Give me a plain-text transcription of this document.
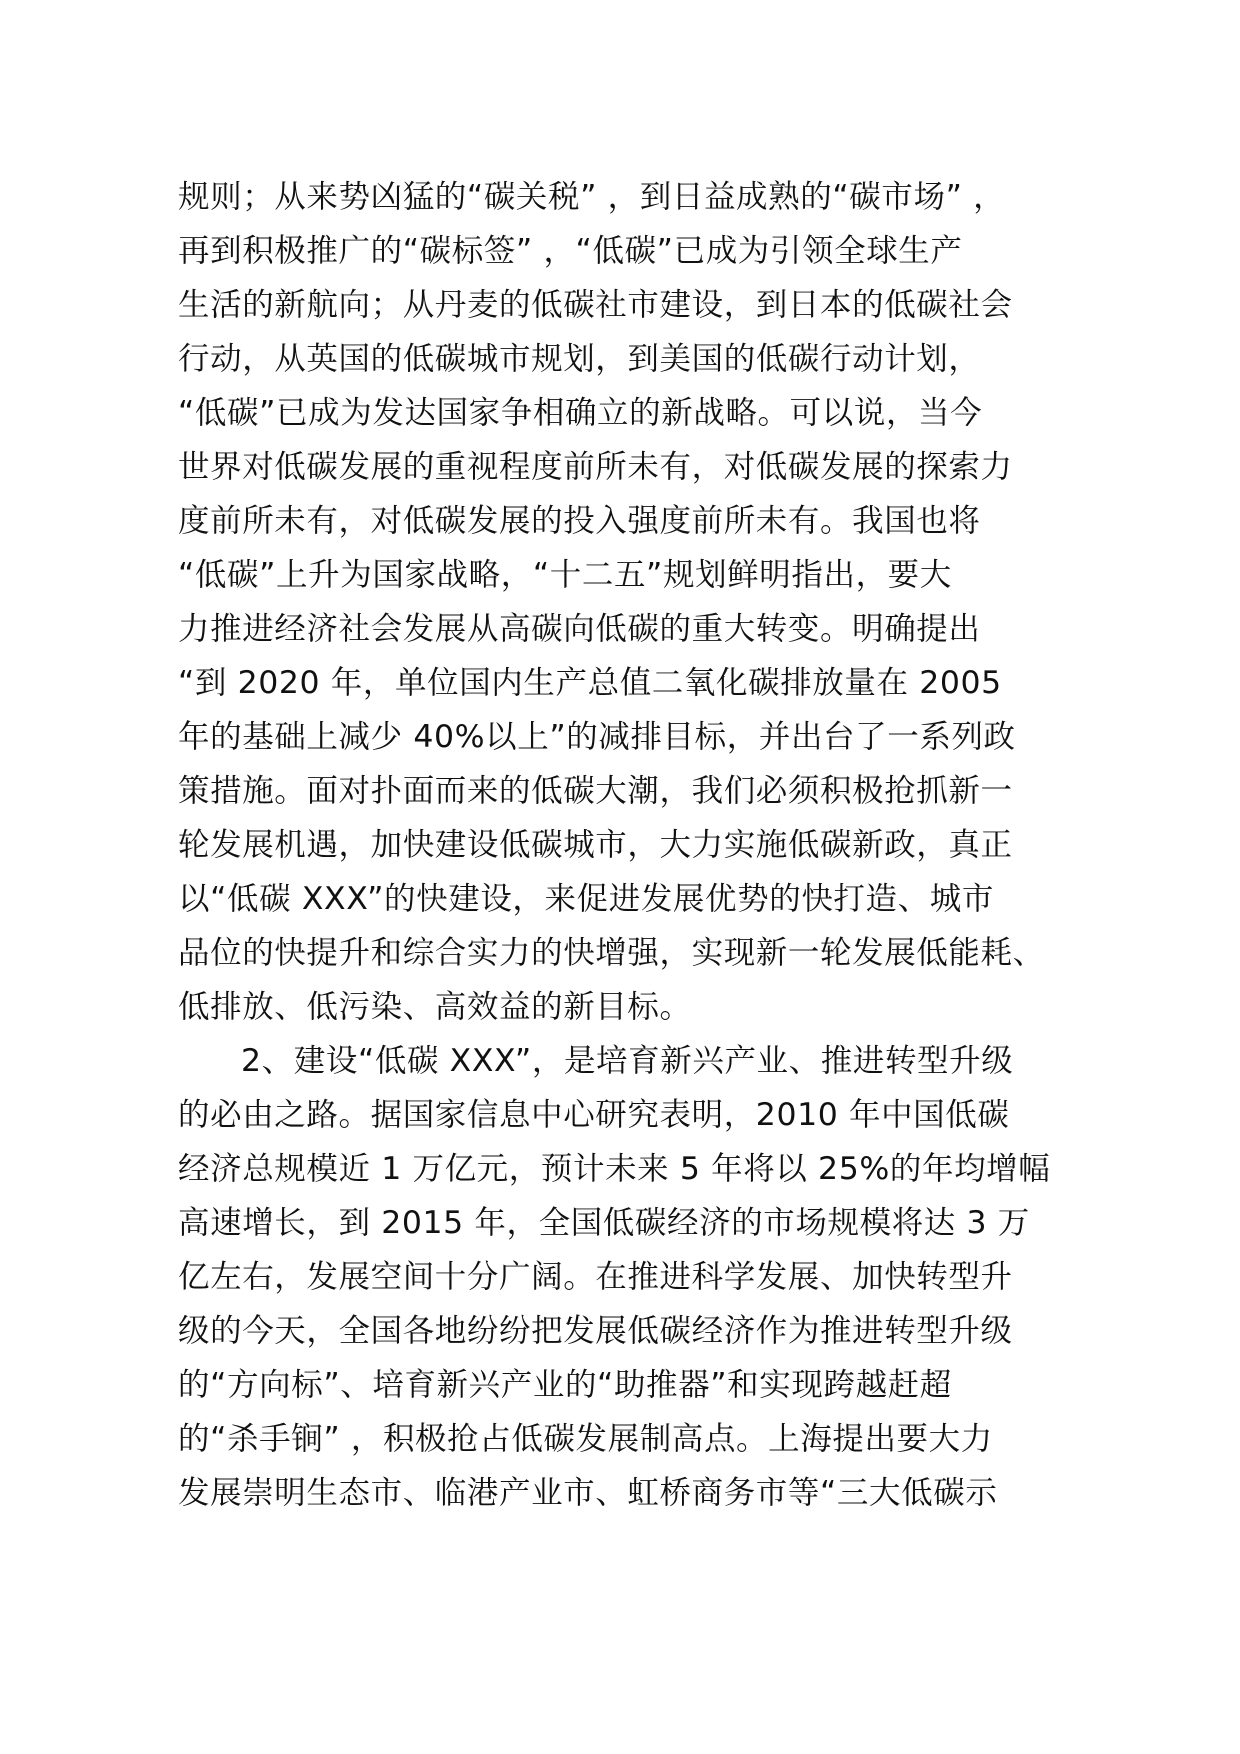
规则；从来势凶猛的“碳关税” ，到日益成熟的“碳市场” ，
再到积极推广的“碳标签” ，“低碳”已成为引领全球生产
生活的新航向；从丹麦的低碳社市建设，到日本的低碳社会
行动，从英国的低碳城市规划，到美国的低碳行动计划，
“低碳”已成为发达国家争相确立的新战略。可以说，当今
世界对低碳发展的重视程度前所未有，对低碳发展的探索力
度前所未有，对低碳发展的投入强度前所未有。我国也将
“低碳”上升为国家战略，“十二五”规划鲜明指出，要大
力推进经济社会发展从高碳向低碳的重大转变。明确提出
“到 2020 年，单位国内生产总值二氧化碳排放量在 2005
年的基础上减少 40%以上”的减排目标，并出台了一系列政
策措施。面对扑面而来的低碳大潮，我们必须积极抢抓新一
轮发展机遇，加快建设低碳城市，大力实施低碳新政，真正
以“低碳 XXX”的快建设，来促进发展优势的快打造、城市
品位的快提升和综合实力的快增强，实现新一轮发展低能耗、
低排放、低污染、高效益的新目标。
2、建设“低碳 XXX”，是培育新兴产业、推进转型升级
的必由之路。据国家信息中心研究表明，2010 年中国低碳
经济总规模近 1 万亿元，预计未来 5 年将以 25%的年均增幅
高速增长，到 2015 年，全国低碳经济的市场规模将达 3 万
亿左右，发展空间十分广阔。在推进科学发展、加快转型升
级的今天，全国各地纷纷把发展低碳经济作为推进转型升级
的“方向标”、培育新兴产业的“助推器”和实现跨越赶超
的“杀手锏” ，积极抢占低碳发展制高点。上海提出要大力
发展崇明生态市、临港产业市、虹桥商务市等“三大低碳示
